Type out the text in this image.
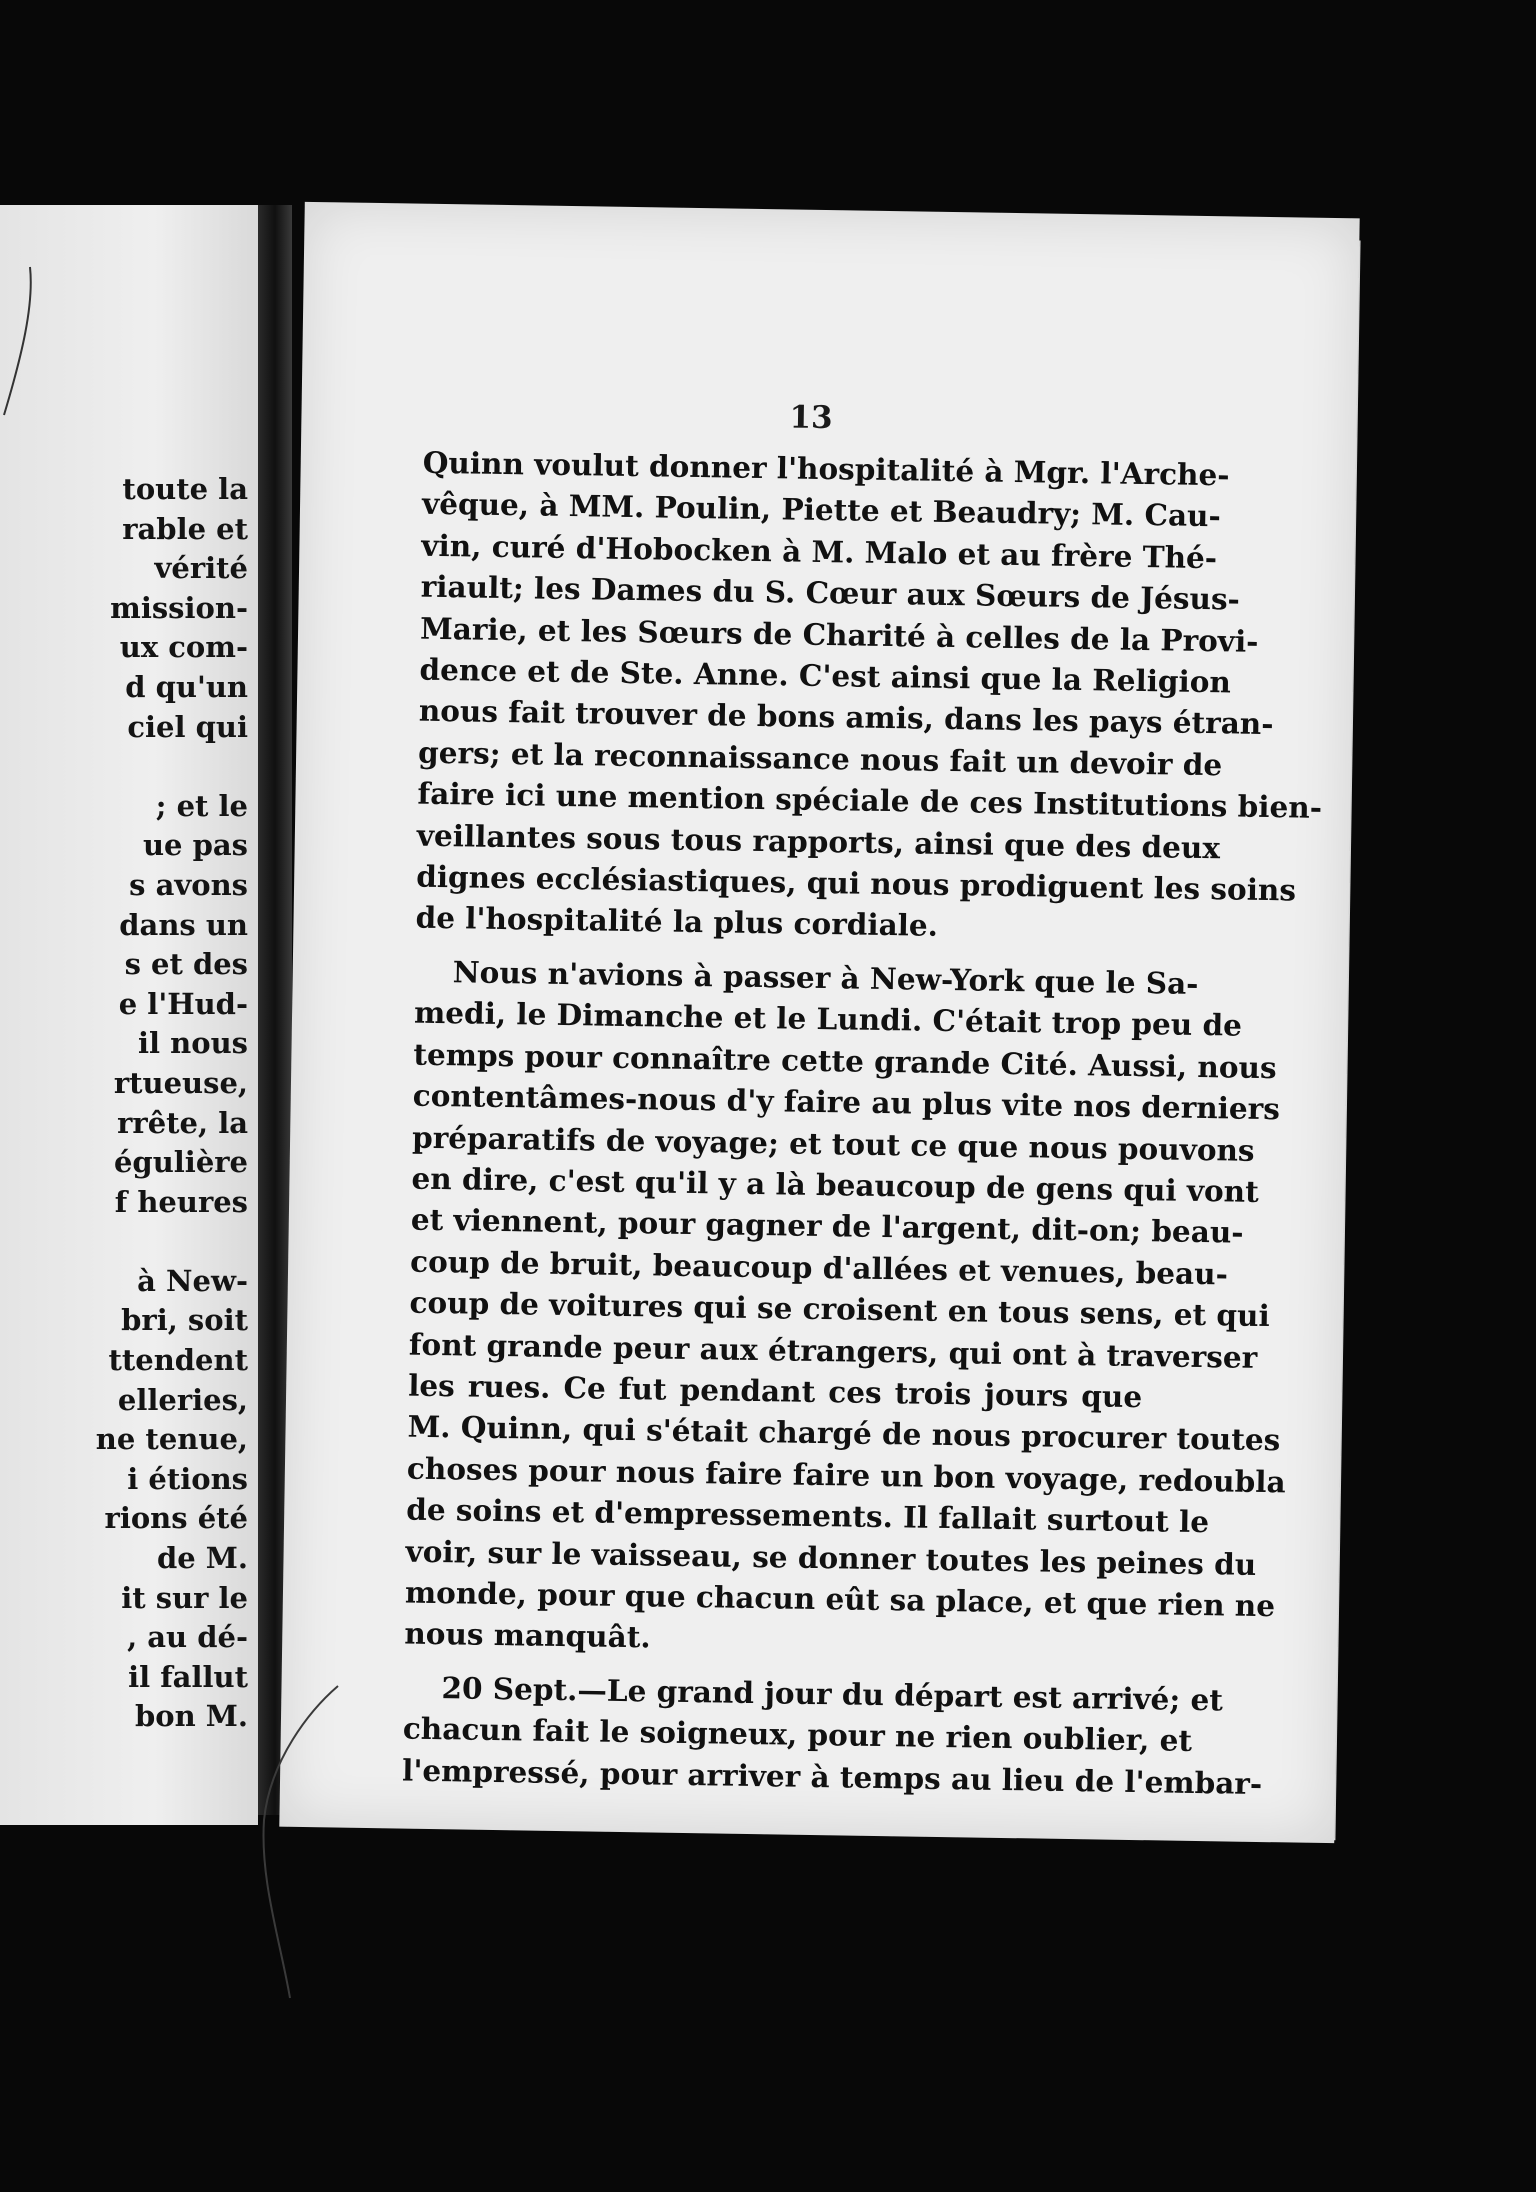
toute la
rable et
vérité
mission-
ux com-
d qu'un
ciel qui
; et le
ue pas
s avons
dans un
s et des
e l'Hud-
il nous
rtueuse,
rrête, la
égulière
f heures
à New-
bri, soit
ttendent
elleries,
ne tenue,
i étions
rions été
de M.
it sur le
, au dé-
il fallut
bon M.

13

Quinn voulut donner l'hospitalité à Mgr. l'Arche-
vêque, à MM. Poulin, Piette et Beaudry; M. Cau-
vin, curé d'Hobocken à M. Malo et au frère Thé-
riault; les Dames du S. Cœur aux Sœurs de Jésus-
Marie, et les Sœurs de Charité à celles de la Provi-
dence et de Ste. Anne. C'est ainsi que la Religion
nous fait trouver de bons amis, dans les pays étran-
gers; et la reconnaissance nous fait un devoir de
faire ici une mention spéciale de ces Institutions bien-
veillantes sous tous rapports, ainsi que des deux
dignes ecclésiastiques, qui nous prodiguent les soins
de l'hospitalité la plus cordiale.
Nous n'avions à passer à New-York que le Sa-
medi, le Dimanche et le Lundi. C'était trop peu de
temps pour connaître cette grande Cité. Aussi, nous
contentâmes-nous d'y faire au plus vite nos derniers
préparatifs de voyage; et tout ce que nous pouvons
en dire, c'est qu'il y a là beaucoup de gens qui vont
et viennent, pour gagner de l'argent, dit-on; beau-
coup de bruit, beaucoup d'allées et venues, beau-
coup de voitures qui se croisent en tous sens, et qui
font grande peur aux étrangers, qui ont à traverser
les rues. Ce fut pendant ces trois jours que
M. Quinn, qui s'était chargé de nous procurer toutes
choses pour nous faire faire un bon voyage, redoubla
de soins et d'empressements. Il fallait surtout le
voir, sur le vaisseau, se donner toutes les peines du
monde, pour que chacun eût sa place, et que rien ne
nous manquât.
20 Sept.—Le grand jour du départ est arrivé; et
chacun fait le soigneux, pour ne rien oublier, et
l'empressé, pour arriver à temps au lieu de l'embar-
